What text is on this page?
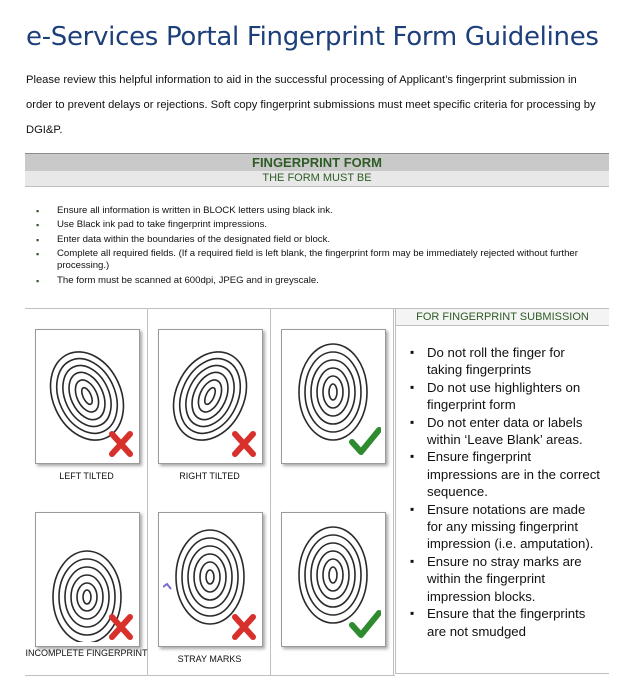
e-Services Portal Fingerprint Form Guidelines
Please review this helpful information to aid in the successful processing of Applicant’s fingerprint submission in order to prevent delays or rejections. Soft copy fingerprint submissions must meet specific criteria for processing by DGI&P.
FINGERPRINT FORM
THE FORM MUST BE
▪ Ensure all information is written in BLOCK letters using black ink.
▪ Use Black ink pad to take fingerprint impressions.
▪ Enter data within the boundaries of the designated field or block.
▪ Complete all required fields. (If a required field is left blank, the fingerprint form may be immediately rejected without further processing.)
▪ The form must be scanned at 600dpi, JPEG and in greyscale.
LEFT TILTED	RIGHT TILTED
INCOMPLETE FINGERPRINT
STRAY MARKS
FOR FINGERPRINT SUBMISSION
▪ Do not roll the finger for taking fingerprints
▪ Do not use highlighters on fingerprint form
▪ Do not enter data or labels within ‘Leave Blank’ areas.
▪ Ensure fingerprint impressions are in the correct sequence.
▪ Ensure notations are made for any missing fingerprint impression (i.e. amputation).
▪ Ensure no stray marks are within the fingerprint impression blocks.
▪ Ensure that the fingerprints are not smudged
